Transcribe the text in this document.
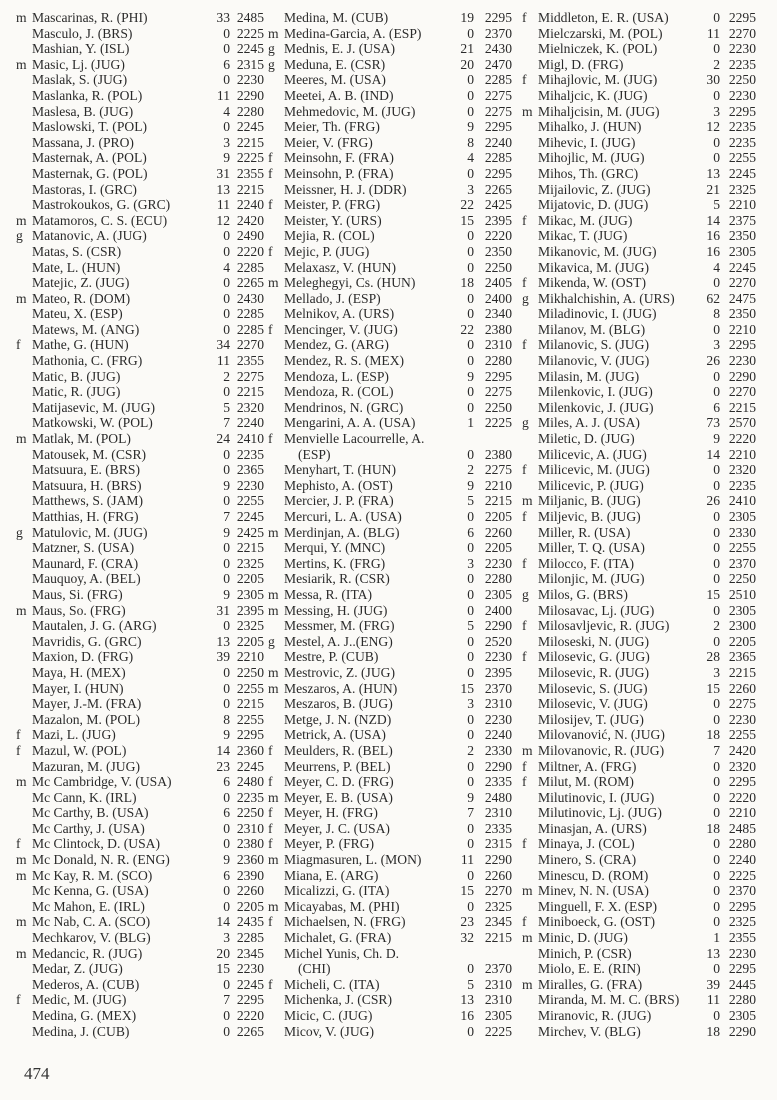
m Mascarinas, R. (PHI)	33 2485
Masculo, J. (BRS)	0 2225
Mashian, Y. (ISL)	0 2245
m Masic, Lj. (JUG)	6 2315
Maslak, S. (JUG)	0 2230
Maslanka, R. (POL)	11 2290
Maslesa, B. (JUG)	4 2280
Maslowski, T. (POL)	0 2245
Massana, J. (PRO)	3 2215
Masternak, A. (POL)	9 2225
Masternak, G. (POL)	31 2355
Mastoras, I. (GRC)	13 2215
Mastrokoukos, G. (GRC)	11 2240
m Matamoros, C. S. (ECU)	12 2420
g Matanovic, A. (JUG)	0 2490
Matas, S. (CSR)	0 2220
Mate, L. (HUN)	4 2285
Matejic, Z. (JUG)	0 2265
m Mateo, R. (DOM)	0 2430
Mateu, X. (ESP)	0 2285
Matews, M. (ANG)	0 2285
f Mathe, G. (HUN)	34 2270
Mathonia, C. (FRG)	11 2355
Matic, B. (JUG)	2 2275
Matic, R. (JUG)	0 2215
Matijasevic, M. (JUG)	5 2320
Matkowski, W. (POL)	7 2240
m Matlak, M. (POL)	24 2410
Matousek, M. (CSR)	0 2235
Matsuura, E. (BRS)	0 2365
Matsuura, H. (BRS)	9 2230
Matthews, S. (JAM)	0 2255
Matthias, H. (FRG)	7 2245
g Matulovic, M. (JUG)	9 2425
Matzner, S. (USA)	0 2215
Maunard, F. (CRA)	0 2325
Mauquoy, A. (BEL)	0 2205
Maus, Si. (FRG)	9 2305
m Maus, So. (FRG)	31 2395
Mautalen, J. G. (ARG)	0 2325
Mavridis, G. (GRC)	13 2205
Maxion, D. (FRG)	39 2210
Maya, H. (MEX)	0 2250
Mayer, I. (HUN)	0 2255
Mayer, J.-M. (FRA)	0 2215
Mazalon, M. (POL)	8 2255
f Mazi, L. (JUG)	9 2295
f Mazul, W. (POL)	14 2360
Mazuran, M. (JUG)	23 2245
m Mc Cambridge, V. (USA)	6 2480
Mc Cann, K. (IRL)	0 2235
Mc Carthy, B. (USA)	6 2250
Mc Carthy, J. (USA)	0 2310
f Mc Clintock, D. (USA)	0 2380
m Mc Donald, N. R. (ENG)	9 2360
m Mc Kay, R. M. (SCO)	6 2390
Mc Kenna, G. (USA)	0 2260
Mc Mahon, E. (IRL)	0 2205
m Mc Nab, C. A. (SCO)	14 2435
Mechkarov, V. (BLG)	3 2285
m Medancic, R. (JUG)	20 2345
Medar, Z. (JUG)	15 2230
Mederos, A. (CUB)	0 2245
f Medic, M. (JUG)	7 2295
Medina, G. (MEX)	0 2220
Medina, J. (CUB)	0 2265
Medina, M. (CUB)	19 2295
m Medina-Garcia, A. (ESP)	0 2370
g Mednis, E. J. (USA)	21 2430
g Meduna, E. (CSR)	20 2470
Meeres, M. (USA)	0 2285
Meetei, A. B. (IND)	0 2275
Mehmedovic, M. (JUG)	0 2275
Meier, Th. (FRG)	9 2295
Meier, V. (FRG)	8 2240
f Meinsohn, F. (FRA)	4 2285
f Meinsohn, P. (FRA)	0 2295
Meissner, H. J. (DDR)	3 2265
f Meister, P. (FRG)	22 2425
Meister, Y. (URS)	15 2395
Mejia, R. (COL)	0 2220
f Mejic, P. (JUG)	0 2350
Melaxasz, V. (HUN)	0 2250
m Meleghegyi, Cs. (HUN)	18 2405
Mellado, J. (ESP)	0 2400
Melnikov, A. (URS)	0 2340
f Mencinger, V. (JUG)	22 2380
Mendez, G. (ARG)	0 2310
Mendez, R. S. (MEX)	0 2280
Mendoza, L. (ESP)	9 2295
Mendoza, R. (COL)	0 2275
Mendrinos, N. (GRC)	0 2250
Mengarini, A. A. (USA)	1 2225
f Menvielle Lacourrelle, A.
(ESP)	0 2380
Menyhart, T. (HUN)	2 2275
Mephisto, A. (OST)	9 2210
Mercier, J. P. (FRA)	5 2215
Mercuri, L. A. (USA)	0 2205
m Merdinjan, A. (BLG)	6 2260
Merqui, Y. (MNC)	0 2205
Mertins, K. (FRG)	3 2230
Mesiarik, R. (CSR)	0 2280
m Messa, R. (ITA)	0 2305
m Messing, H. (JUG)	0 2400
Messmer, M. (FRG)	5 2290
g Mestel, A. J..(ENG)	0 2520
Mestre, P. (CUB)	0 2230
m Mestrovic, Z. (JUG)	0 2395
m Meszaros, A. (HUN)	15 2370
Meszaros, B. (JUG)	3 2310
Metge, J. N. (NZD)	0 2230
Metrick, A. (USA)	0 2240
f Meulders, R. (BEL)	2 2330
Meurrens, P. (BEL)	0 2290
f Meyer, C. D. (FRG)	0 2335
m Meyer, E. B. (USA)	9 2480
f Meyer, H. (FRG)	7 2310
f Meyer, J. C. (USA)	0 2335
f Meyer, P. (FRG)	0 2315
m Miagmasuren, L. (MON)	11 2290
Miana, E. (ARG)	0 2260
Micalizzi, G. (ITA)	15 2270
m Micayabas, M. (PHI)	0 2325
f Michaelsen, N. (FRG)	23 2345
Michalet, G. (FRA)	32 2215
Michel Yunis, Ch. D.
(CHI)	0 2370
f Micheli, C. (ITA)	5 2310
Michenka, J. (CSR)	13 2310
Micic, C. (JUG)	16 2305
Micov, V. (JUG)	0 2225
f Middleton, E. R. (USA)	0 2295
Mielczarski, M. (POL)	11 2270
Mielniczek, K. (POL)	0 2230
Migl, D. (FRG)	2 2235
f Mihajlovic, M. (JUG)	30 2250
Mihaljcic, K. (JUG)	0 2230
m Mihaljcisin, M. (JUG)	3 2295
Mihalko, J. (HUN)	12 2235
Mihevic, I. (JUG)	0 2235
Mihojlic, M. (JUG)	0 2255
Mihos, Th. (GRC)	13 2245
Mijailovic, Z. (JUG)	21 2325
Mijatovic, D. (JUG)	5 2210
f Mikac, M. (JUG)	14 2375
Mikac, T. (JUG)	16 2350
Mikanovic, M. (JUG)	16 2305
Mikavica, M. (JUG)	4 2245
f Mikenda, W. (OST)	0 2270
g Mikhalchishin, A. (URS)	62 2475
Miladinovic, I. (JUG)	8 2350
Milanov, M. (BLG)	0 2210
f Milanovic, S. (JUG)	3 2295
Milanovic, V. (JUG)	26 2230
Milasin, M. (JUG)	0 2290
Milenkovic, I. (JUG)	0 2270
Milenkovic, J. (JUG)	6 2215
g Miles, A. J. (USA)	73 2570
Miletic, D. (JUG)	9 2220
Milicevic, A. (JUG)	14 2210
f Milicevic, M. (JUG)	0 2320
Milicevic, P. (JUG)	0 2235
m Miljanic, B. (JUG)	26 2410
f Miljevic, B. (JUG)	0 2305
Miller, R. (USA)	0 2330
Miller, T. Q. (USA)	0 2255
f Milocco, F. (ITA)	0 2370
Milonjic, M. (JUG)	0 2250
g Milos, G. (BRS)	15 2510
Milosavac, Lj. (JUG)	0 2305
f Milosavljevic, R. (JUG)	2 2300
Miloseski, N. (JUG)	0 2205
f Milosevic, G. (JUG)	28 2365
Milosevic, R. (JUG)	3 2215
Milosevic, S. (JUG)	15 2260
Milosevic, V. (JUG)	0 2275
Milosijev, T. (JUG)	0 2230
Milovanović, N. (JUG)	18 2255
m Milovanovic, R. (JUG)	7 2420
f Miltner, A. (FRG)	0 2320
f Milut, M. (ROM)	0 2295
Milutinovic, I. (JUG)	0 2220
Milutinovic, Lj. (JUG)	0 2210
Minasjan, A. (URS)	18 2485
f Minaya, J. (COL)	0 2280
Minero, S. (CRA)	0 2240
Minescu, D. (ROM)	0 2225
m Minev, N. N. (USA)	0 2370
Minguell, F. X. (ESP)	0 2295
f Miniboeck, G. (OST)	0 2325
m Minic, D. (JUG)	1 2355
Minich, P. (CSR)	13 2230
Miolo, E. E. (RIN)	0 2295
m Miralles, G. (FRA)	39 2445
Miranda, M. M. C. (BRS)	11 2280
Miranovic, R. (JUG)	0 2305
Mirchev, V. (BLG)	18 2290
474
